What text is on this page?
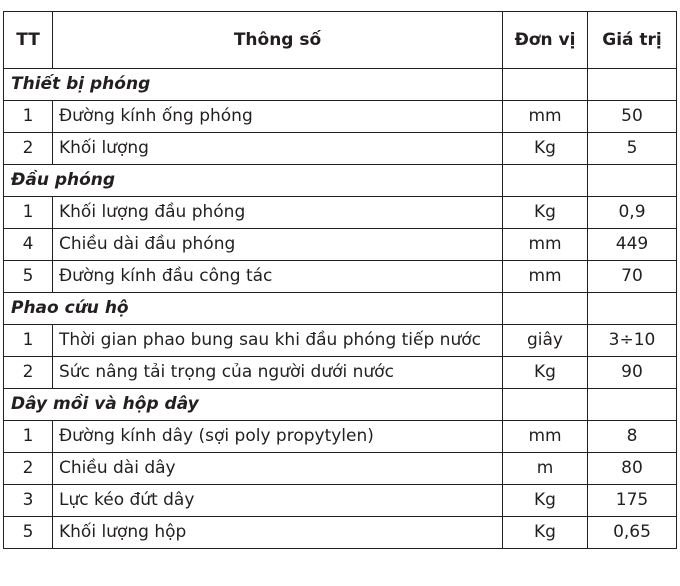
TT	Thông số	Đơn vị	Giá trị
Thiết bị phóng			
1	Đường kính ống phóng	mm	50
2	Khối lượng	Kg	5
Đầu phóng			
1	Khối lượng đầu phóng	Kg	0,9
4	Chiều dài đầu phóng	mm	449
5	Đường kính đầu công tác	mm	70
Phao cứu hộ			
1	Thời gian phao bung sau khi đầu phóng tiếp nước	giây	3÷10
2	Sức nâng tải trọng của người dưới nước	Kg	90
Dây mồi và hộp dây			
1	Đường kính dây (sợi poly propytylen)	mm	8
2	Chiều dài dây	m	80
3	Lực kéo đứt dây	Kg	175
5	Khối lượng hộp	Kg	0,65
